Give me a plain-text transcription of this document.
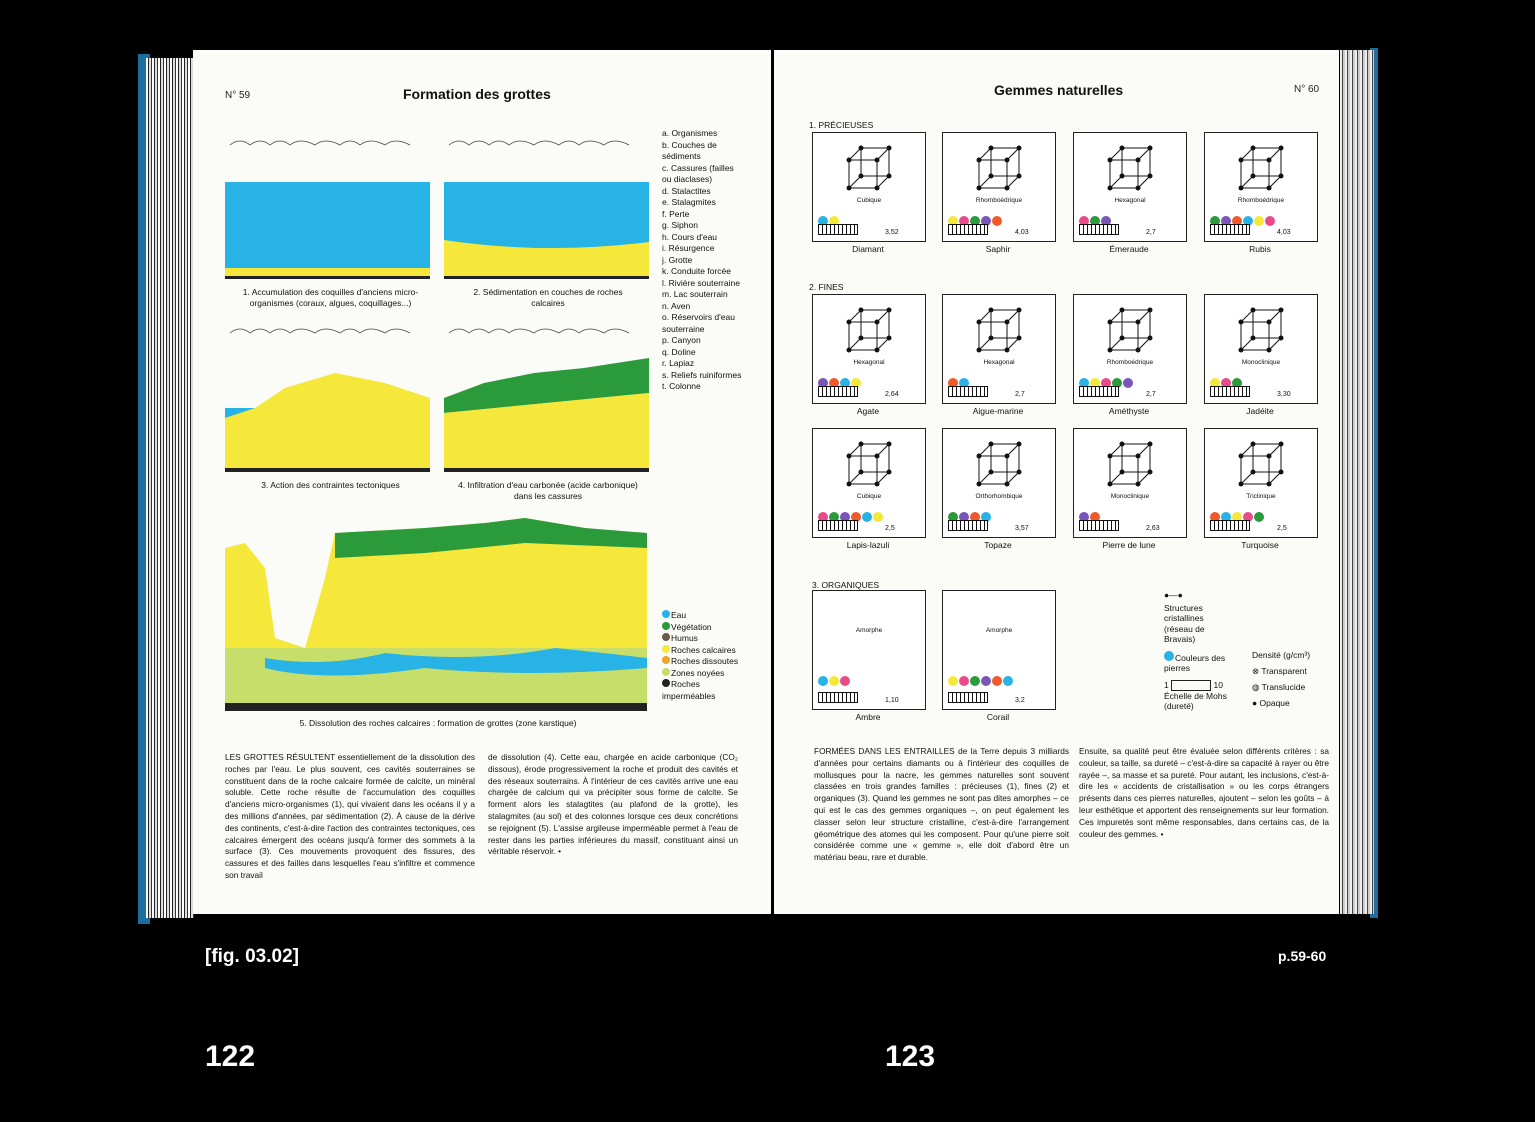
N° 59	Formation des grottes
1. Accumulation des coquilles d'anciens micro-organismes (coraux, algues, coquillages...)
2. Sédimentation en couches de roches calcaires
3. Action des contraintes tectoniques	4. Infiltration d'eau carbonée (acide carbonique) dans les cassures
5. Dissolution des roches calcaires : formation de grottes (zone karstique)
a. Organismes
b. Couches de sédiments
c. Cassures (failles ou diaclases)
d. Stalactites
e. Stalagmites
f. Perte
g. Siphon
h. Cours d'eau
i. Résurgence
j. Grotte
k. Conduite forcée
l. Rivière souterraine
m. Lac souterrain
n. Aven
o. Réservoirs d'eau souterraine
p. Canyon
q. Doline
r. Lapiaz
s. Reliefs ruiniformes
t. Colonne
Eau
Végétation
Humus
Roches calcaires
Roches dissoutes
Zones noyées
Roches imperméables
LES GROTTES RÉSULTENT essentiellement de la dissolution des roches par l'eau. Le plus souvent, ces cavités souterraines se constituent dans de la roche calcaire formée de calcite, un minéral soluble. Cette roche résulte de l'accumulation des coquilles d'anciens micro-organismes (1), qui vivaient dans les océans il y a des millions d'années, par sédimentation (2). À cause de la dérive des continents, c'est-à-dire l'action des contraintes tectoniques, ces calcaires émergent des océans jusqu'à former des sommets à la surface (3). Ces mouvements provoquent des fissures, des cassures et des failles dans lesquelles l'eau s'infiltre et commence son travail
de dissolution (4). Cette eau, chargée en acide carbonique (CO₂ dissous), érode progressivement la roche et produit des cavités et des réseaux souterrains. À l'intérieur de ces cavités arrive une eau chargée de calcium qui va précipiter sous forme de calcite. Se forment alors les stalagtites (au plafond de la grotte), les stalagmites (au sol) et des colonnes lorsque ces deux concrétions se rejoignent (5). L'assise argileuse imperméable permet à l'eau de rester dans les parties inférieures du massif, constituant ainsi un véritable réservoir. •
Gemmes naturelles	N° 60
1. PRÉCIEUSES
2. FINES
3. ORGANIQUES
Cubique
3,52
Diamant
Rhomboédrique
4,03
Saphir
Hexagonal
2,7
Émeraude
Rhomboédrique
4,03
Rubis
Hexagonal
2,64
Agate
Hexagonal
2,7
Aigue-marine
Rhomboédrique
2,7
Améthyste
Monoclinique
3,30
Jadéite
Cubique
2,5
Lapis-lazuli
Orthorhombique
3,57
Topaze
Monoclinique
2,63
Pierre de lune
Triclinique
2,5
Turquoise
Amorphe
1,10
Ambre
Amorphe
3,2
Corail
●—●
Structures cristallines (réseau de Bravais)
Couleurs des pierres
1	10
Échelle de Mohs (dureté)
Densité (g/cm³)
⊗ Transparent
◍ Translucide
● Opaque
FORMÉES DANS LES ENTRAILLES de la Terre depuis 3 milliards d'années pour certains diamants ou à l'intérieur des coquilles de mollusques pour la nacre, les gemmes naturelles sont souvent classées en trois grandes familles : précieuses (1), fines (2) et organiques (3). Quand les gemmes ne sont pas dites amorphes – ce qui est le cas des gemmes organiques –, on peut également les classer selon leur structure cristalline, c'est-à-dire l'arrangement géométrique des atomes qui les composent. Pour qu'une pierre soit considérée comme une « gemme », elle doit d'abord être un matériau beau, rare et durable.
Ensuite, sa qualité peut être évaluée selon différents critères : sa couleur, sa taille, sa dureté – c'est-à-dire sa capacité à rayer ou être rayée –, sa masse et sa pureté. Pour autant, les inclusions, c'est-à-dire les « accidents de cristallisation » ou les corps étrangers présents dans ces pierres naturelles, ajoutent – selon les goûts – à leur esthétique et apportent des renseignements sur leur formation. Ces impuretés sont même responsables, dans certains cas, de la couleur des gemmes. •
[fig. 03.02]	p.59-60
122	123
